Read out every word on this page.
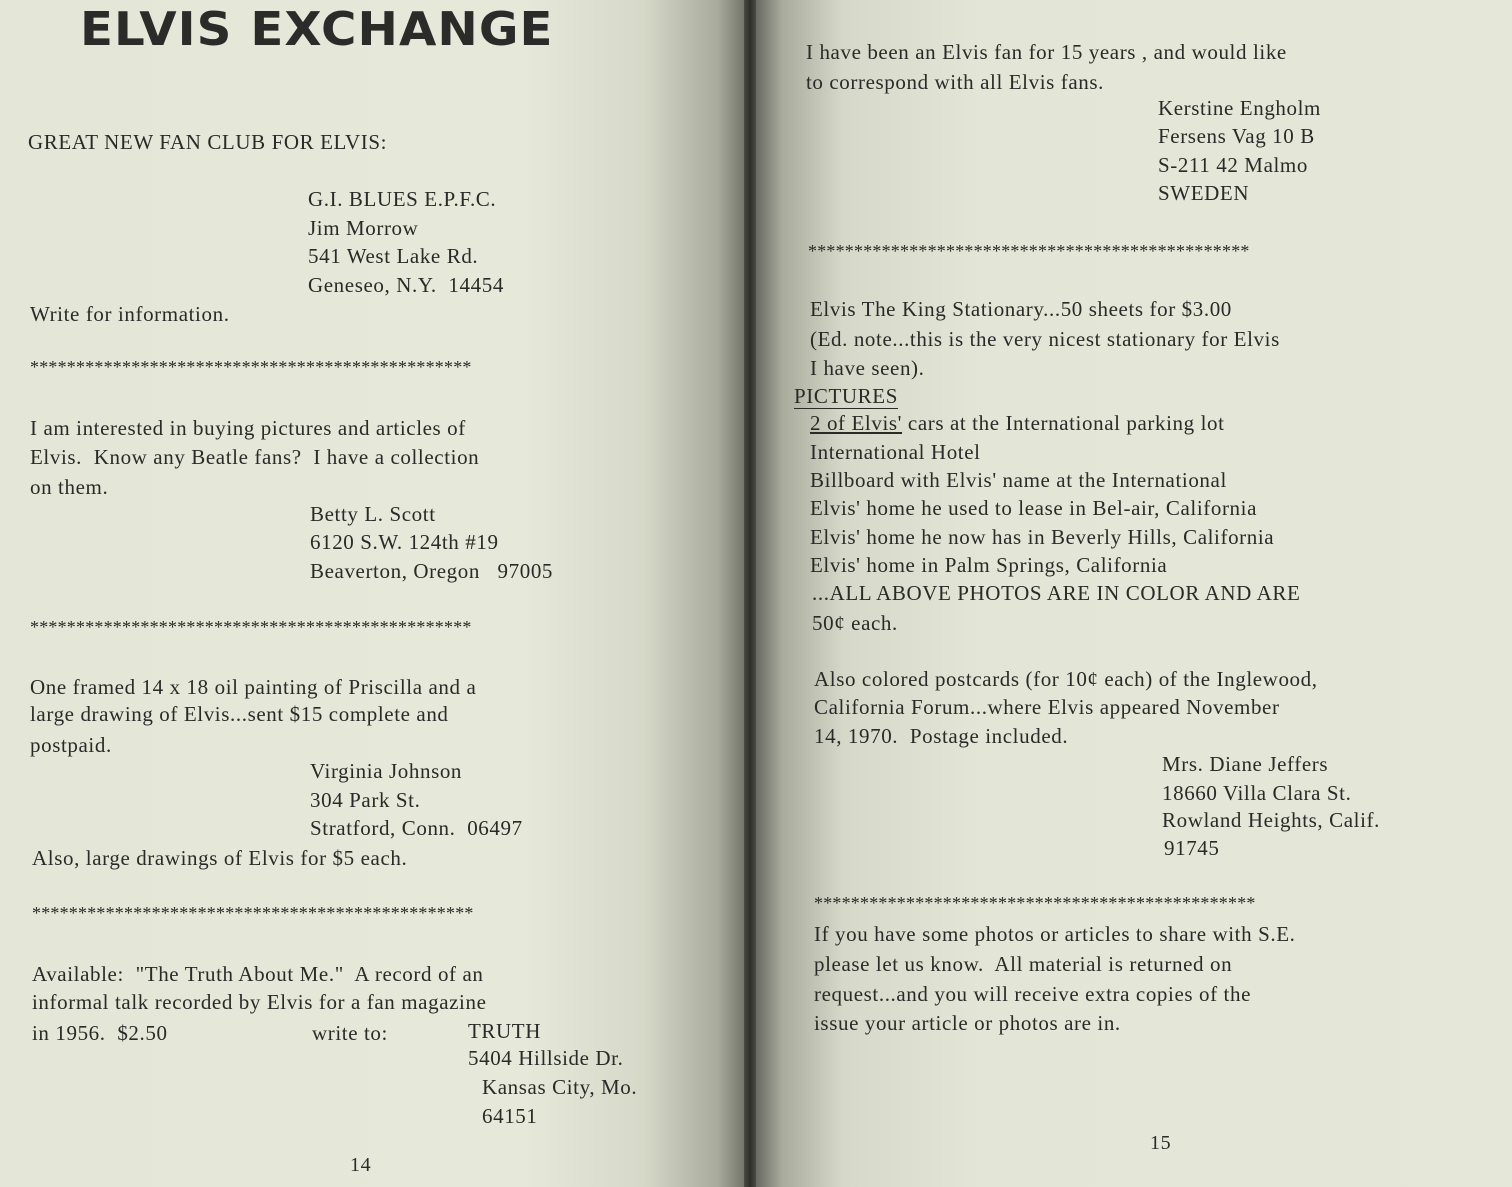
ELVIS EXCHANGE
GREAT NEW FAN CLUB FOR ELVIS:
G.I. BLUES E.P.F.C.
Jim Morrow
541 West Lake Rd.
Geneseo, N.Y.  14454
Write for information.
************************************************
I am interested in buying pictures and articles of
Elvis.  Know any Beatle fans?  I have a collection
on them.
Betty L. Scott
6120 S.W. 124th #19
Beaverton, Oregon   97005
************************************************
One framed 14 x 18 oil painting of Priscilla and a
large drawing of Elvis...sent $15 complete and
postpaid.
Virginia Johnson
304 Park St.
Stratford, Conn.  06497
Also, large drawings of Elvis for $5 each.
************************************************
Available:  "The Truth About Me."  A record of an
informal talk recorded by Elvis for a fan magazine
in 1956.  $2.50	write to:	TRUTH
5404 Hillside Dr.
Kansas City, Mo.
64151
14
I have been an Elvis fan for 15 years , and would like
to correspond with all Elvis fans.
Kerstine Engholm
Fersens Vag 10 B
S-211 42 Malmo
SWEDEN
************************************************
Elvis The King Stationary...50 sheets for $3.00
(Ed. note...this is the very nicest stationary for Elvis
I have seen).
PICTURES
2 of Elvis' cars at the International parking lot
International Hotel
Billboard with Elvis' name at the International
Elvis' home he used to lease in Bel-air, California
Elvis' home he now has in Beverly Hills, California
Elvis' home in Palm Springs, California
...ALL ABOVE PHOTOS ARE IN COLOR AND ARE
50¢ each.
Also colored postcards (for 10¢ each) of the Inglewood,
California Forum...where Elvis appeared November
14, 1970.  Postage included.
Mrs. Diane Jeffers
18660 Villa Clara St.
Rowland Heights, Calif.
91745
************************************************
If you have some photos or articles to share with S.E.
please let us know.  All material is returned on
request...and you will receive extra copies of the
issue your article or photos are in.
15
